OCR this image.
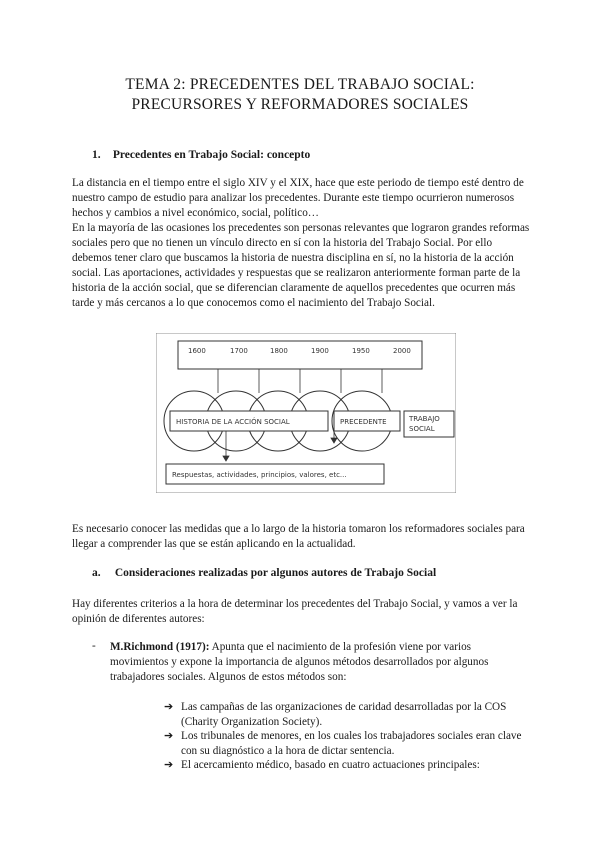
TEMA 2: PRECEDENTES DEL TRABAJO SOCIAL:
PRECURSORES Y REFORMADORES SOCIALES
1. Precedentes en Trabajo Social: concepto
La distancia en el tiempo entre el siglo XIV y el XIX, hace que este periodo de tiempo esté dentro de nuestro campo de estudio para analizar los precedentes. Durante este tiempo ocurrieron numerosos hechos y cambios a nivel económico, social, político…
En la mayoría de las ocasiones los precedentes son personas relevantes que lograron grandes reformas sociales pero que no tienen un vínculo directo en sí con la historia del Trabajo Social. Por ello debemos tener claro que buscamos la historia de nuestra disciplina en sí, no la historia de la acción social. Las aportaciones, actividades y respuestas que se realizaron anteriormente forman parte de la historia de la acción social, que se diferencian claramente de aquellos precedentes que ocurren más tarde y más cercanos a lo que conocemos como el nacimiento del Trabajo Social.
1600	1700	1800	1900	1950	2000
HISTORIA DE LA ACCIÓN SOCIAL	PRECEDENTE	TRABAJO
SOCIAL
Respuestas, actividades, principios, valores, etc...
Es necesario conocer las medidas que a lo largo de la historia tomaron los reformadores sociales para llegar a comprender las que se están aplicando en la actualidad.
a. Consideraciones realizadas por algunos autores de Trabajo Social
Hay diferentes criterios a la hora de determinar los precedentes del Trabajo Social, y vamos a ver la opinión de diferentes autores:
- M.Richmond (1917): Apunta que el nacimiento de la profesión viene por varios movimientos y expone la importancia de algunos métodos desarrollados por algunos trabajadores sociales. Algunos de estos métodos son:
➔ Las campañas de las organizaciones de caridad desarrolladas por la COS (Charity Organization Society).
➔ Los tribunales de menores, en los cuales los trabajadores sociales eran clave con su diagnóstico a la hora de dictar sentencia.
➔ El acercamiento médico, basado en cuatro actuaciones principales:
